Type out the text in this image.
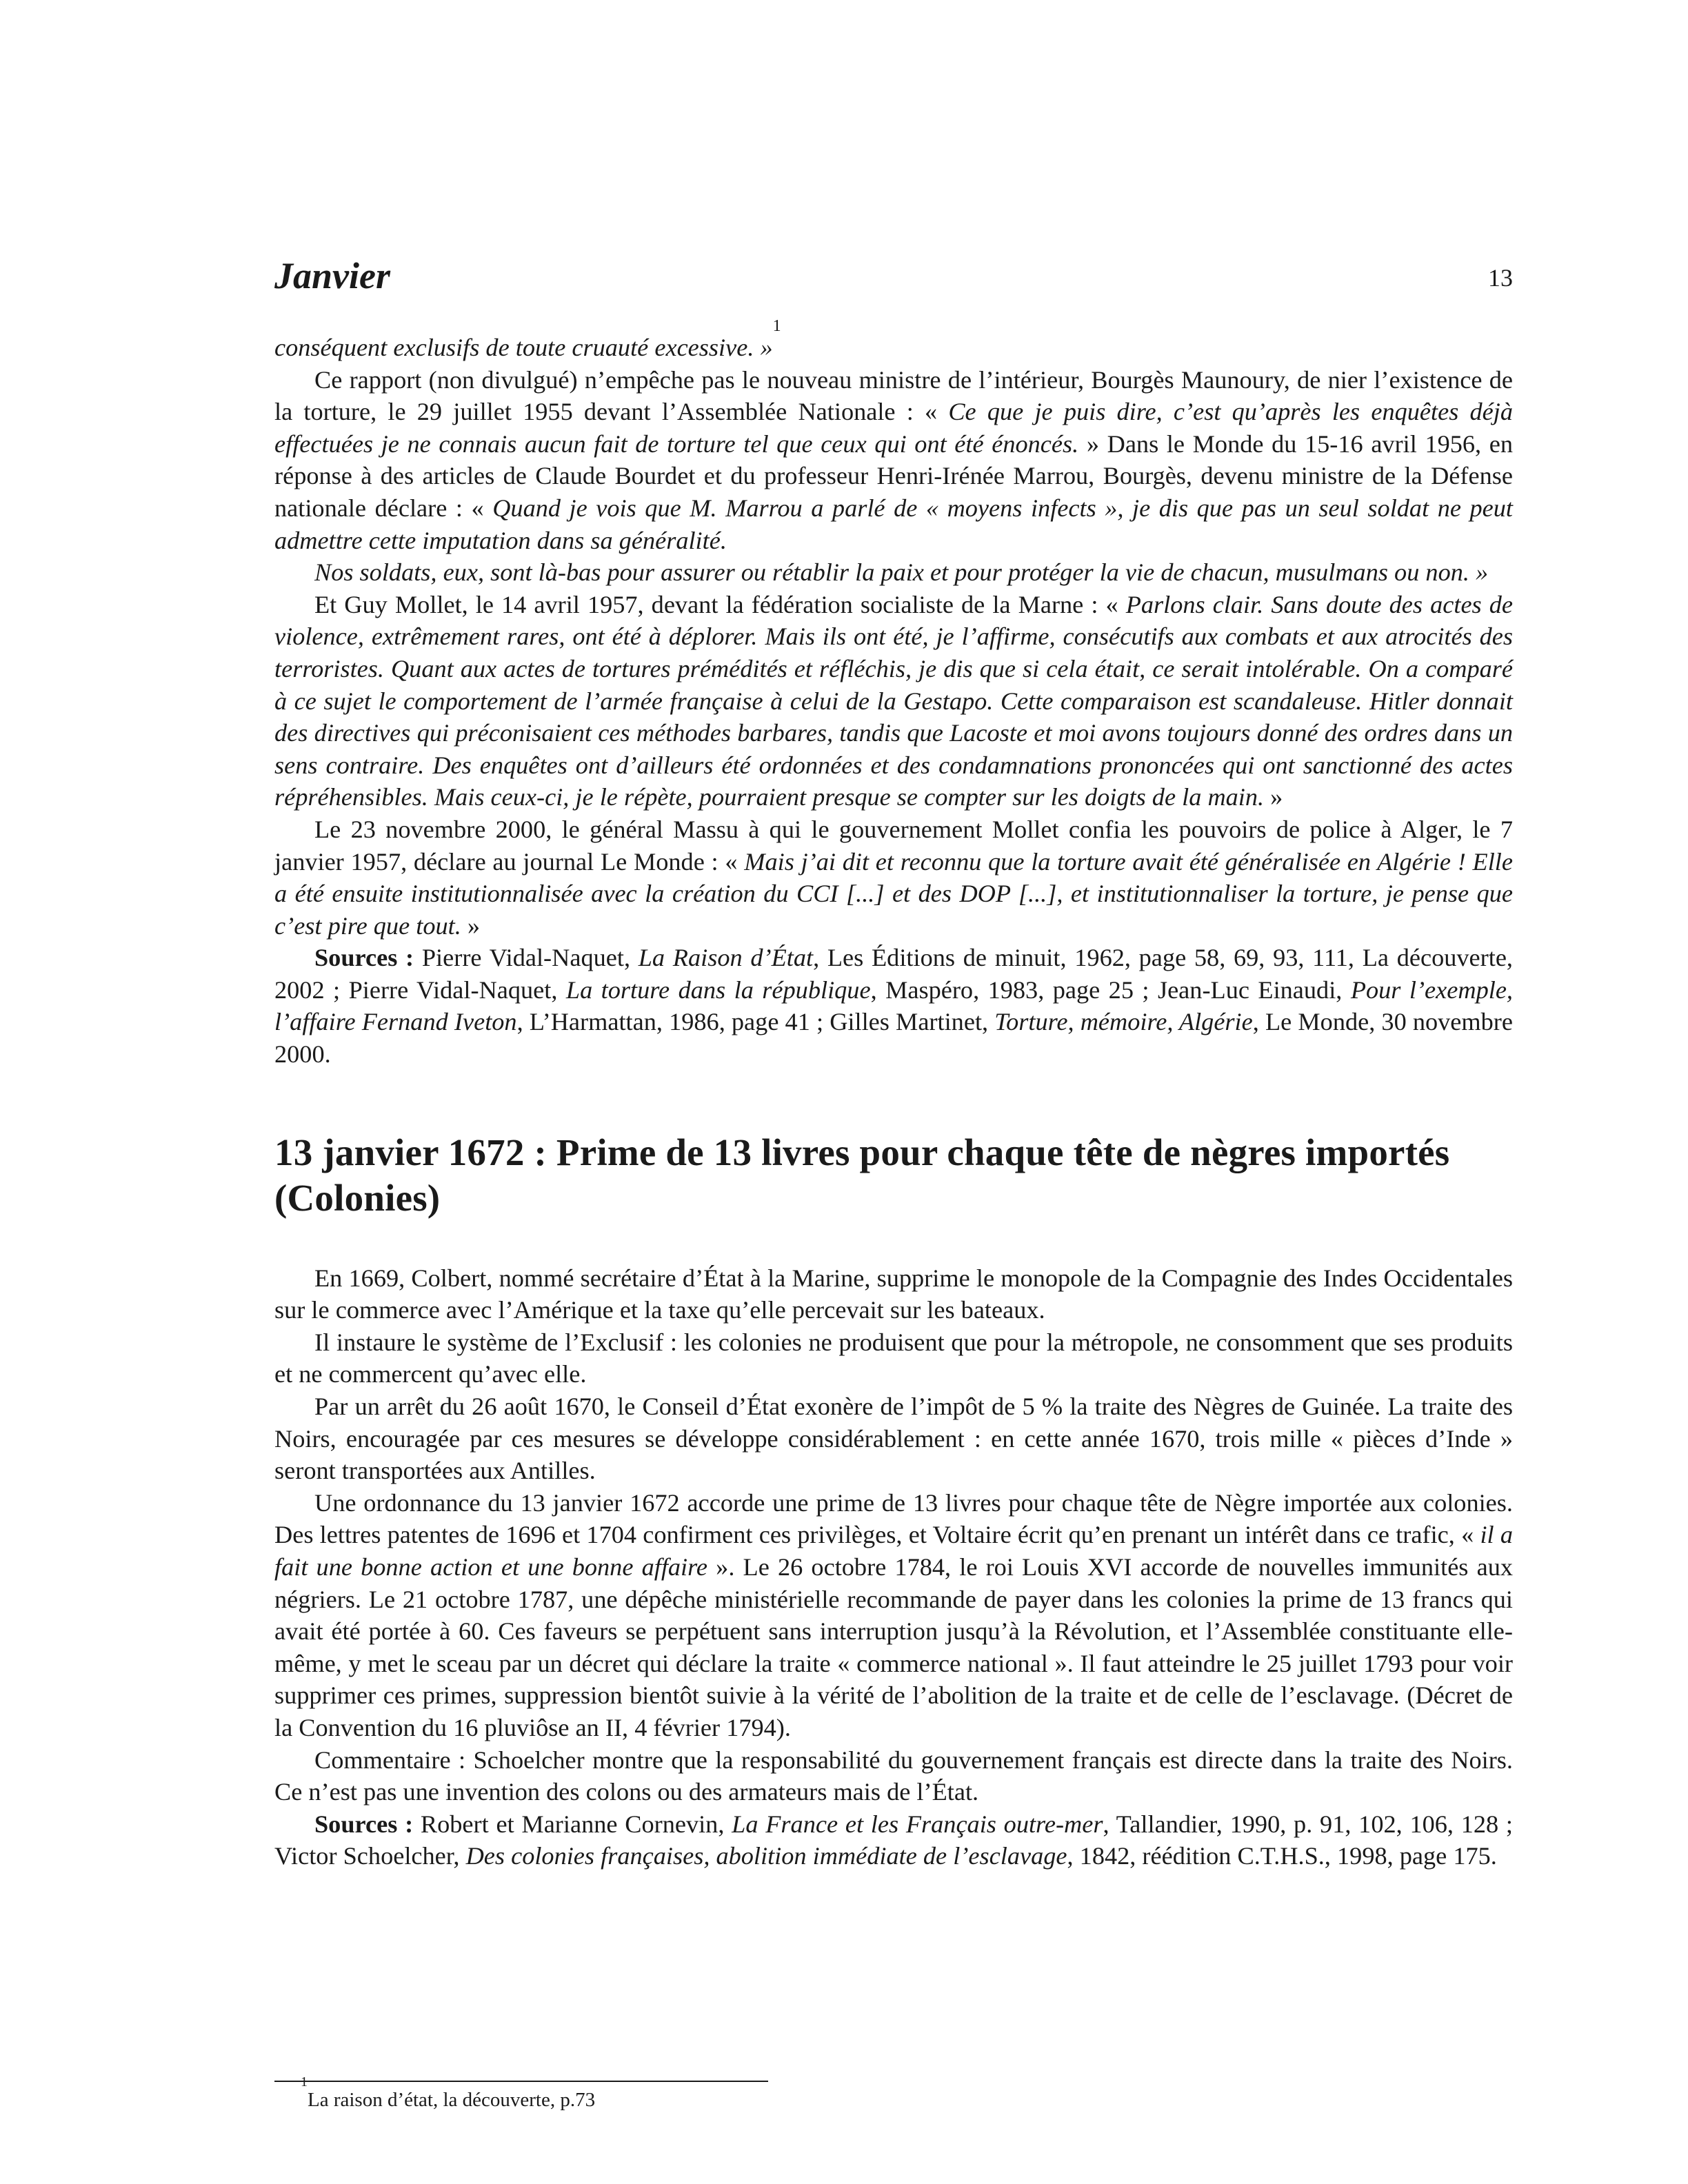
Janvier	13

conséquent exclusifs de toute cruauté excessive. »$^1$

Ce rapport (non divulgué) n’empêche pas le nouveau ministre de l’intérieur, Bourgès Maunoury, de nier l’existence de la torture, le 29 juillet 1955 devant l’Assemblée Nationale : « Ce que je puis dire, c’est qu’après les enquêtes déjà effectuées je ne connais aucun fait de torture tel que ceux qui ont été énoncés. » Dans le Monde du 15-16 avril 1956, en réponse à des articles de Claude Bourdet et du professeur Henri-Irénée Marrou, Bourgès, devenu ministre de la Défense nationale déclare : « Quand je vois que M. Marrou a parlé de « moyens infects », je dis que pas un seul soldat ne peut admettre cette imputation dans sa généralité.

Nos soldats, eux, sont là-bas pour assurer ou rétablir la paix et pour protéger la vie de chacun, musulmans ou non. »

Et Guy Mollet, le 14 avril 1957, devant la fédération socialiste de la Marne : « Parlons clair. Sans doute des actes de violence, extrêmement rares, ont été à déplorer. Mais ils ont été, je l’affirme, consécutifs aux combats et aux atrocités des terroristes. Quant aux actes de tortures prémédités et réfléchis, je dis que si cela était, ce serait intolérable. On a comparé à ce sujet le comportement de l’armée française à celui de la Gestapo. Cette comparaison est scandaleuse. Hitler donnait des directives qui préconisaient ces méthodes barbares, tandis que Lacoste et moi avons toujours donné des ordres dans un sens contraire. Des enquêtes ont d’ailleurs été ordonnées et des condamnations prononcées qui ont sanctionné des actes répréhensibles. Mais ceux-ci, je le répète, pourraient presque se compter sur les doigts de la main. »

Le 23 novembre 2000, le général Massu à qui le gouvernement Mollet confia les pouvoirs de police à Alger, le 7 janvier 1957, déclare au journal Le Monde : « Mais j’ai dit et reconnu que la torture avait été généralisée en Algérie ! Elle a été ensuite institutionnalisée avec la création du CCI [...] et des DOP [...], et institutionnaliser la torture, je pense que c’est pire que tout. »

Sources : Pierre Vidal-Naquet, La Raison d’État, Les Éditions de minuit, 1962, page 58, 69, 93, 111, La découverte, 2002 ; Pierre Vidal-Naquet, La torture dans la république, Maspéro, 1983, page 25 ; Jean-Luc Einaudi, Pour l’exemple, l’affaire Fernand Iveton, L’Harmattan, 1986, page 41 ; Gilles Martinet, Torture, mémoire, Algérie, Le Monde, 30 novembre 2000.

13 janvier 1672 : Prime de 13 livres pour chaque tête de nègres importés (Colonies)

En 1669, Colbert, nommé secrétaire d’État à la Marine, supprime le monopole de la Compagnie des Indes Occidentales sur le commerce avec l’Amérique et la taxe qu’elle percevait sur les bateaux.

Il instaure le système de l’Exclusif : les colonies ne produisent que pour la métropole, ne consomment que ses produits et ne commercent qu’avec elle.

Par un arrêt du 26 août 1670, le Conseil d’État exonère de l’impôt de 5 % la traite des Nègres de Guinée. La traite des Noirs, encouragée par ces mesures se développe considérablement : en cette année 1670, trois mille « pièces d’Inde » seront transportées aux Antilles.

Une ordonnance du 13 janvier 1672 accorde une prime de 13 livres pour chaque tête de Nègre importée aux colonies. Des lettres patentes de 1696 et 1704 confirment ces privilèges, et Voltaire écrit qu’en prenant un intérêt dans ce trafic, « il a fait une bonne action et une bonne affaire ». Le 26 octobre 1784, le roi Louis XVI accorde de nouvelles immunités aux négriers. Le 21 octobre 1787, une dépêche ministérielle recommande de payer dans les colonies la prime de 13 francs qui avait été portée à 60. Ces faveurs se perpétuent sans interruption jusqu’à la Révolution, et l’Assemblée constituante elle-même, y met le sceau par un décret qui déclare la traite « commerce national ». Il faut atteindre le 25 juillet 1793 pour voir supprimer ces primes, suppression bientôt suivie à la vérité de l’abolition de la traite et de celle de l’esclavage. (Décret de la Convention du 16 pluviôse an II, 4 février 1794).

Commentaire : Schoelcher montre que la responsabilité du gouvernement français est directe dans la traite des Noirs. Ce n’est pas une invention des colons ou des armateurs mais de l’État.

Sources : Robert et Marianne Cornevin, La France et les Français outre-mer, Tallandier, 1990, p. 91, 102, 106, 128 ; Victor Schoelcher, Des colonies françaises, abolition immédiate de l’esclavage, 1842, réédition C.T.H.S., 1998, page 175.

$^1$La raison d’état, la découverte, p.73
